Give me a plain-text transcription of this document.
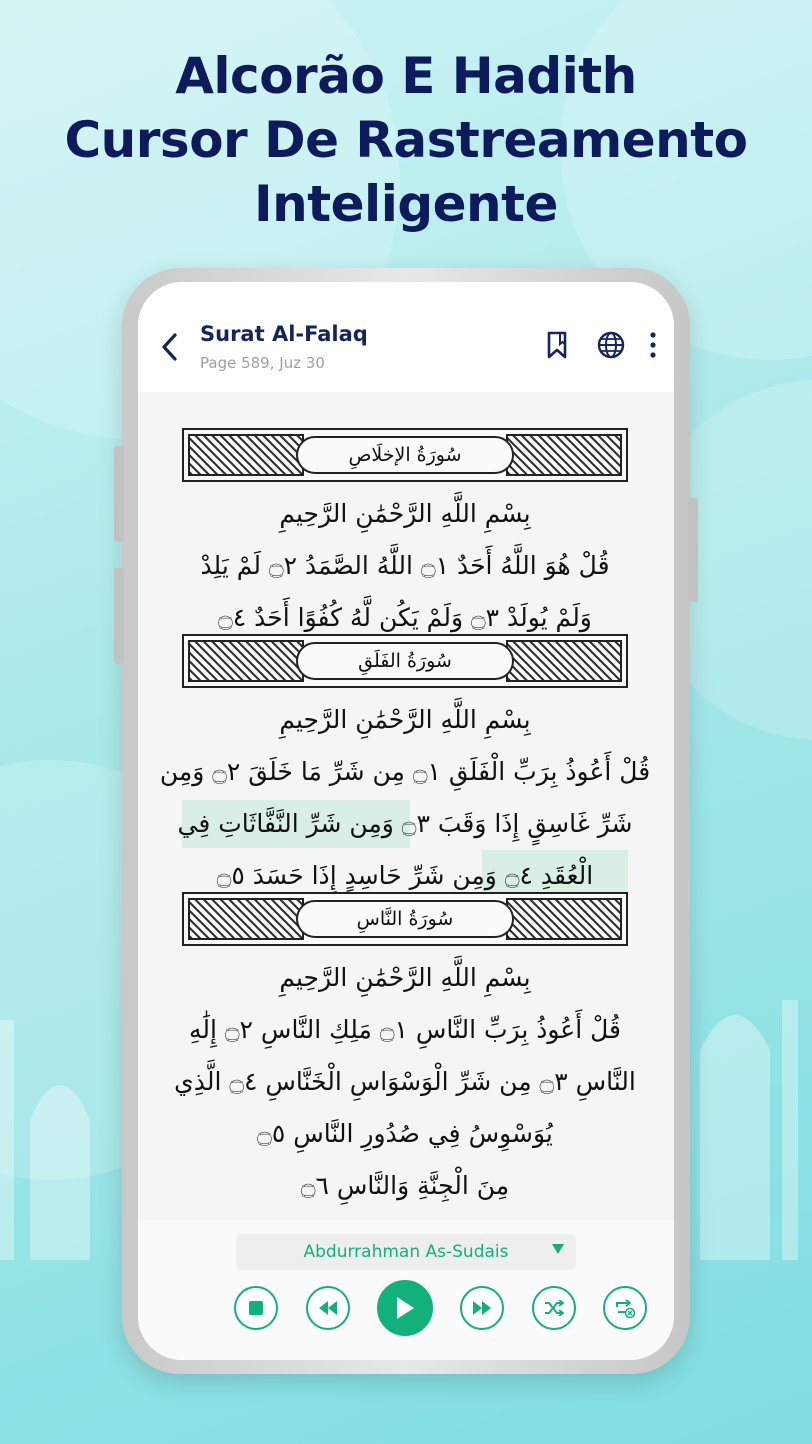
Alcorão E Hadith
Cursor De Rastreamento
Inteligente
Surat Al-Falaq
Page 589, Juz 30
سُورَةُ الإخلَاصِ
بِسْمِ اللَّهِ الرَّحْمَٰنِ الرَّحِيمِ
قُلْ هُوَ اللَّهُ أَحَدٌ ۝١ اللَّهُ الصَّمَدُ ۝٢ لَمْ يَلِدْ
وَلَمْ يُولَدْ ۝٣ وَلَمْ يَكُن لَّهُ كُفُوًا أَحَدٌ ۝٤
سُورَةُ الفَلَقِ
بِسْمِ اللَّهِ الرَّحْمَٰنِ الرَّحِيمِ
قُلْ أَعُوذُ بِرَبِّ الْفَلَقِ ۝١ مِن شَرِّ مَا خَلَقَ ۝٢ وَمِن
شَرِّ غَاسِقٍ إِذَا وَقَبَ ۝٣ وَمِن شَرِّ النَّفَّاثَاتِ فِي
الْعُقَدِ ۝٤ وَمِن شَرِّ حَاسِدٍ إِذَا حَسَدَ ۝٥
سُورَةُ النَّاسِ
بِسْمِ اللَّهِ الرَّحْمَٰنِ الرَّحِيمِ
قُلْ أَعُوذُ بِرَبِّ النَّاسِ ۝١ مَلِكِ النَّاسِ ۝٢ إِلَٰهِ
النَّاسِ ۝٣ مِن شَرِّ الْوَسْوَاسِ الْخَنَّاسِ ۝٤ الَّذِي
يُوَسْوِسُ فِي صُدُورِ النَّاسِ ۝٥
مِنَ الْجِنَّةِ وَالنَّاسِ ۝٦
Abdurrahman As-Sudais
